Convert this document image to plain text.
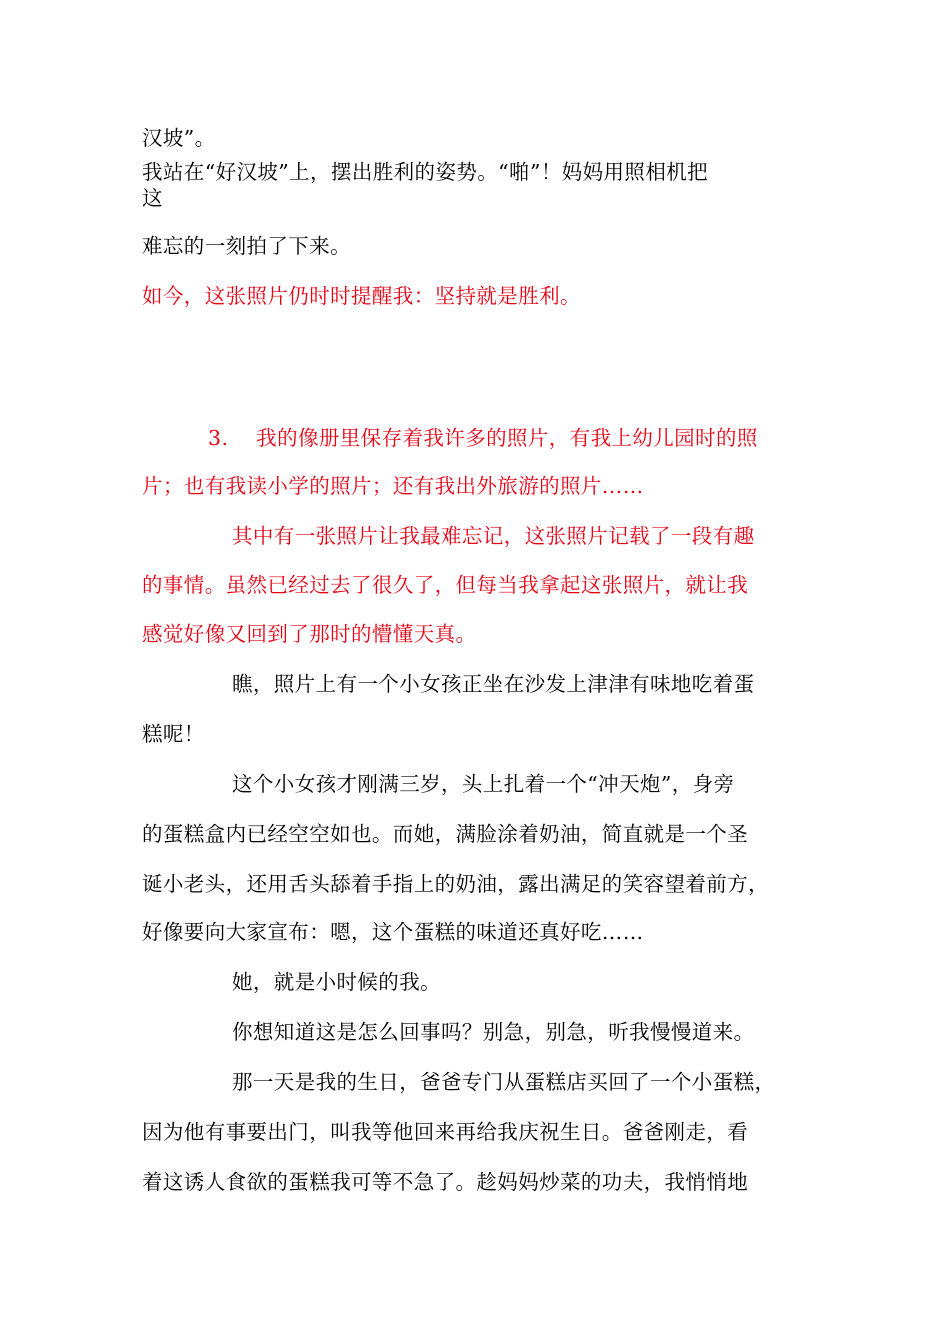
汉坡”。
我站在“好汉坡”上，摆出胜利的姿势。“啪”！妈妈用照相机把
这
难忘的一刻拍了下来。
如今，这张照片仍时时提醒我：坚持就是胜利。
3.　 我的像册里保存着我许多的照片，有我上幼儿园时的照
片；也有我读小学的照片；还有我出外旅游的照片……
其中有一张照片让我最难忘记，这张照片记载了一段有趣
的事情。虽然已经过去了很久了，但每当我拿起这张照片，就让我
感觉好像又回到了那时的懵懂天真。
瞧，照片上有一个小女孩正坐在沙发上津津有味地吃着蛋
糕呢！
这个小女孩才刚满三岁，头上扎着一个“冲天炮”，身旁
的蛋糕盒内已经空空如也。而她，满脸涂着奶油，简直就是一个圣
诞小老头，还用舌头舔着手指上的奶油，露出满足的笑容望着前方，
好像要向大家宣布：嗯，这个蛋糕的味道还真好吃……
她，就是小时候的我。
你想知道这是怎么回事吗？别急，别急，听我慢慢道来。
那一天是我的生日，爸爸专门从蛋糕店买回了一个小蛋糕，
因为他有事要出门，叫我等他回来再给我庆祝生日。爸爸刚走，看
着这诱人食欲的蛋糕我可等不急了。趁妈妈炒菜的功夫，我悄悄地
